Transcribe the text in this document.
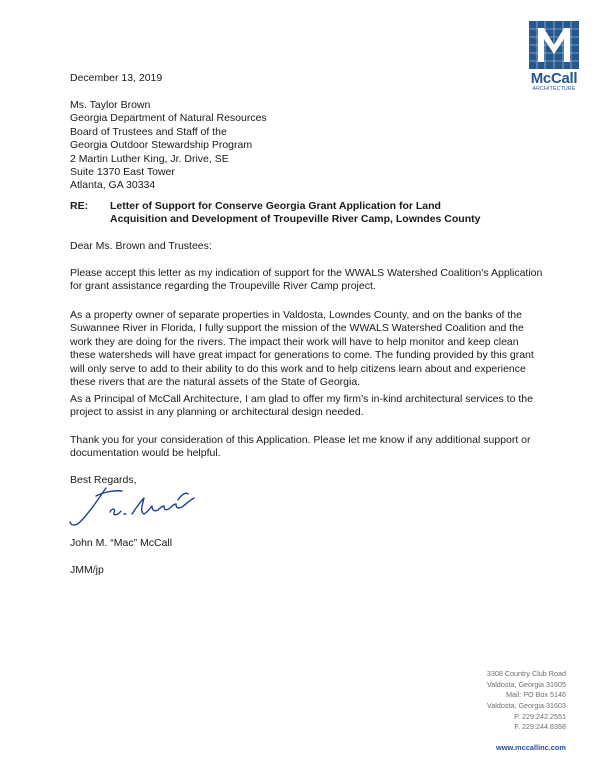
McCall
ARCHITECTURE
December 13, 2019
Ms. Taylor Brown
Georgia Department of Natural Resources
Board of Trustees and Staff of the
Georgia Outdoor Stewardship Program
2 Martin Luther King, Jr. Drive, SE
Suite 1370 East Tower
Atlanta, GA 30334
RE: Letter of Support for Conserve Georgia Grant Application for Land
Acquisition and Development of Troupeville River Camp, Lowndes County
Dear Ms. Brown and Trustees:
Please accept this letter as my indication of support for the WWALS Watershed Coalition’s Application
for grant assistance regarding the Troupeville River Camp project.
As a property owner of separate properties in Valdosta, Lowndes County, and on the banks of the
Suwannee River in Florida, I fully support the mission of the WWALS Watershed Coalition and the
work they are doing for the rivers. The impact their work will have to help monitor and keep clean
these watersheds will have great impact for generations to come. The funding provided by this grant
will only serve to add to their ability to do this work and to help citizens learn about and experience
these rivers that are the natural assets of the State of Georgia.
As a Principal of McCall Architecture, I am glad to offer my firm’s in-kind architectural services to the
project to assist in any planning or architectural design needed.
Thank you for your consideration of this Application. Please let me know if any additional support or
documentation would be helpful.
Best Regards,
John M. “Mac” McCall
JMM/jp
3308 Country Club Road
Valdosta, Georgia 31605
Mail: PO Box 5146
Valdosta, Georgia 31603
P. 229.242.2551
F. 229.244.8358
www.mccallinc.com
